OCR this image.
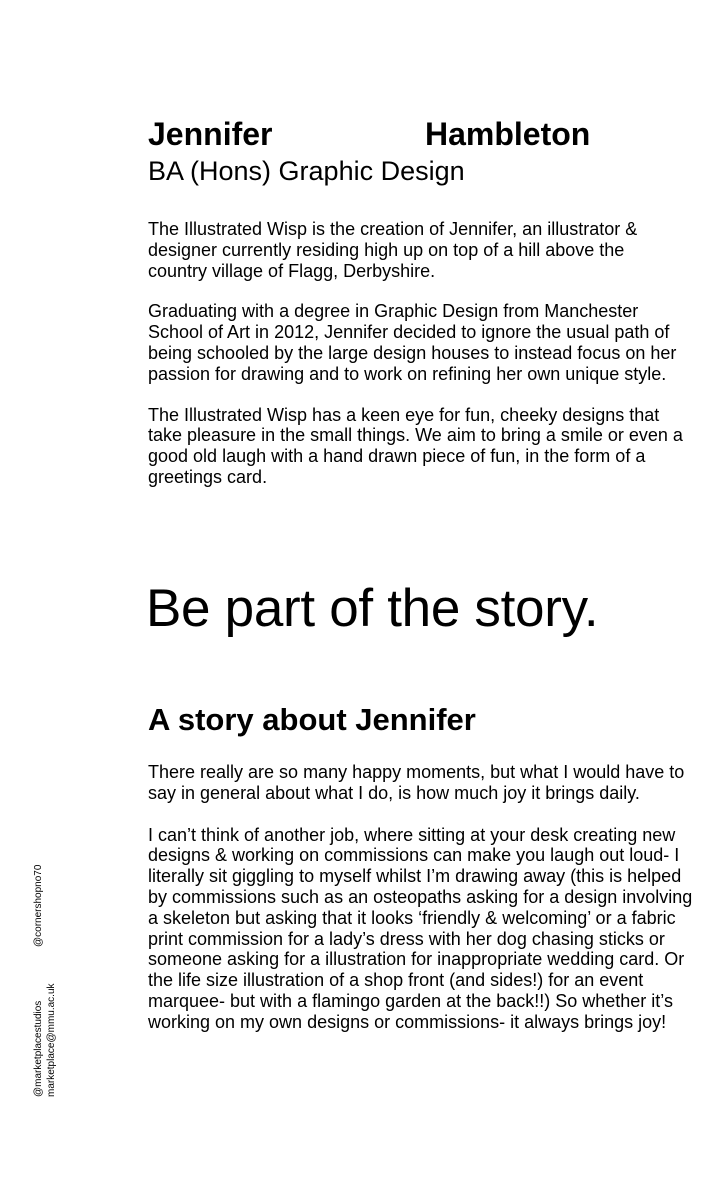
Jennifer	Hambleton
BA (Hons) Graphic Design

The Illustrated Wisp is the creation of Jennifer, an illustrator & designer currently residing high up on top of a hill above the country village of Flagg, Derbyshire.

Graduating with a degree in Graphic Design from Manchester School of Art in 2012, Jennifer decided to ignore the usual path of being schooled by the large design houses to instead focus on her passion for drawing and to work on refining her own unique style.

The Illustrated Wisp has a keen eye for fun, cheeky designs that take pleasure in the small things. We aim to bring a smile or even a good old laugh with a hand drawn piece of fun, in the form of a greetings card.

Be part of the story.
A story about Jennifer

There really are so many happy moments, but what I would have to say in general about what I do, is how much joy it brings daily.

I can’t think of another job, where sitting at your desk creating new designs & working on commissions can make you laugh out loud- I literally sit giggling to myself whilst I’m drawing away (this is helped by commissions such as an osteopaths asking for a design involving a skeleton but asking that it looks ‘friendly & welcoming’ or a fabric print commission for a lady’s dress with her dog chasing sticks or someone asking for a illustration for inappropriate wedding card. Or the life size illustration of a shop front (and sides!) for an event marquee- but with a flamingo garden at the back!!) So whether it’s working on my own designs or commissions- it always brings joy!

@marketplacestudios marketplace@mmu.ac.uk
@cornershopno70
